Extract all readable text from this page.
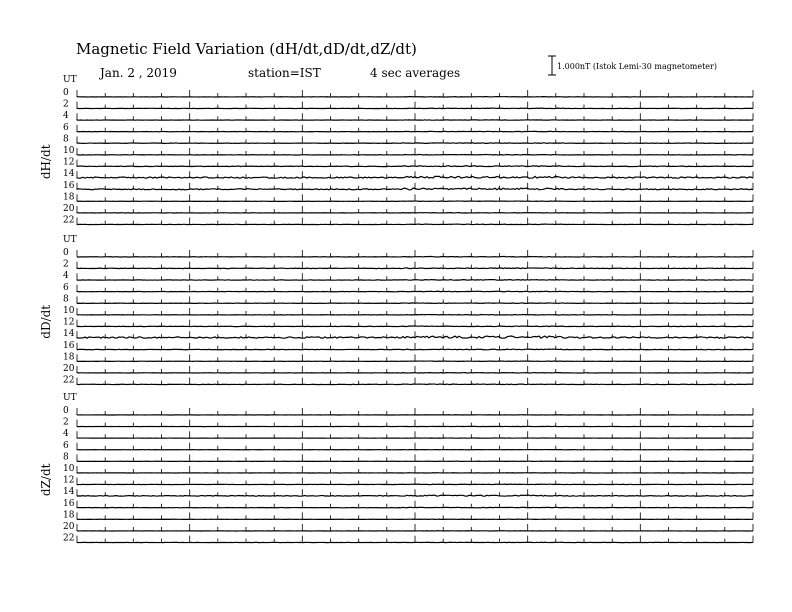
Magnetic Field Variation (dH/dt,dD/dt,dZ/dt)
Jan. 2 , 2019	station=IST	4 sec averages	1.000nT (Istok Lemi-30 magnetometer)
UT
dH/dt
0
2
4
6
8
10
12
14
16
18
20
22
UT
dD/dt
0
2
4
6
8
10
12
14
16
18
20
22
UT
dZ/dt
0
2
4
6
8
10
12
14
16
18
20
22
